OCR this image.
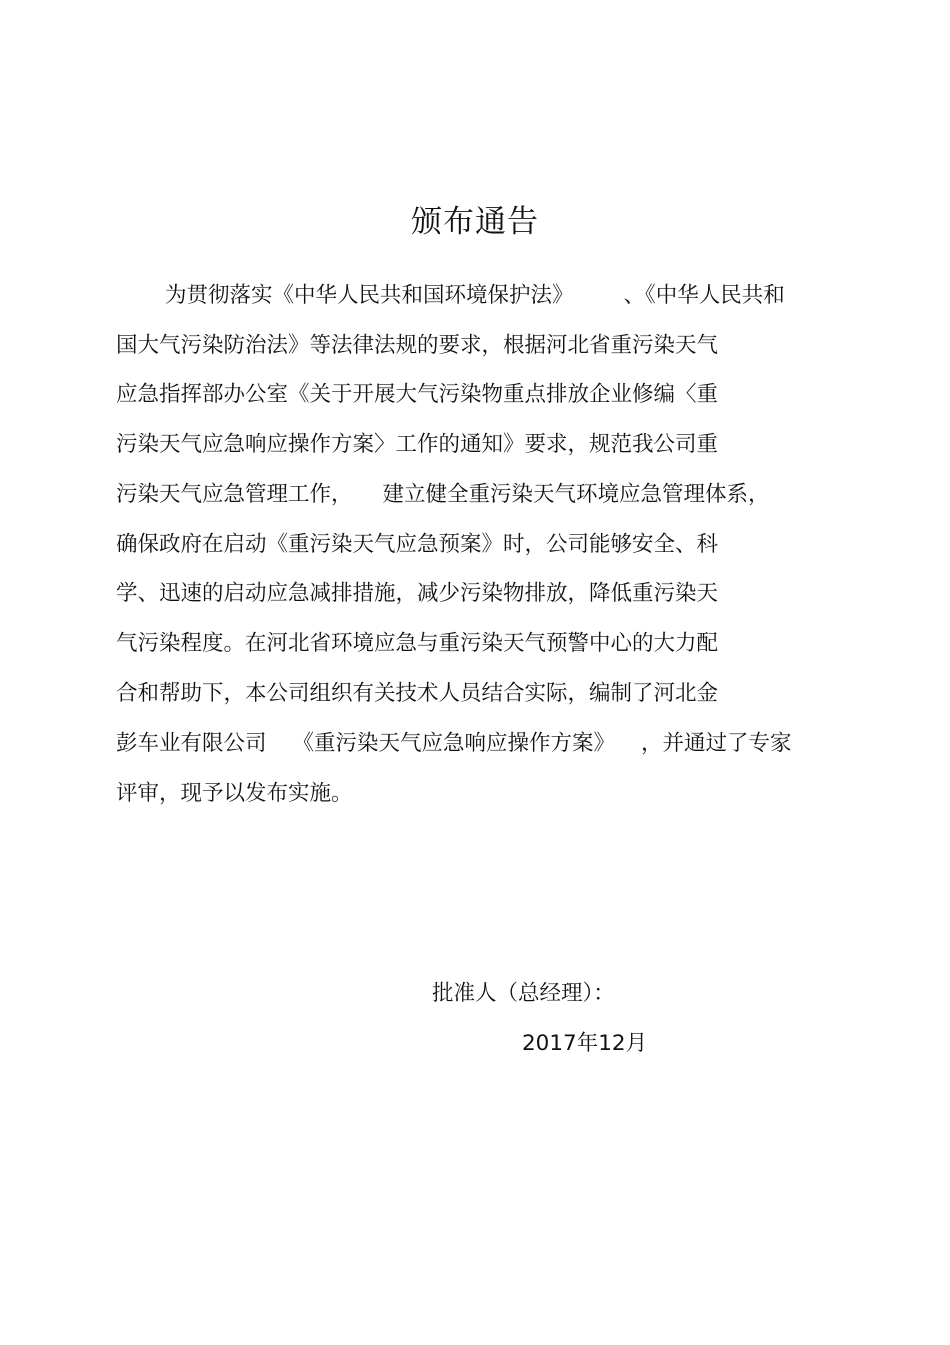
颁布通告
为贯彻落实《中华人民共和国环境保护法》 、《中华人民共和
国大气污染防治法》等法律法规的要求，根据河北省重污染天气
应急指挥部办公室《关于开展大气污染物重点排放企业修编〈重
污染天气应急响应操作方案〉工作的通知》要求，规范我公司重
污染天气应急管理工作， 建立健全重污染天气环境应急管理体系，
确保政府在启动《重污染天气应急预案》时，公司能够安全、科
学、迅速的启动应急减排措施，减少污染物排放，降低重污染天
气污染程度。在河北省环境应急与重污染天气预警中心的大力配
合和帮助下，本公司组织有关技术人员结合实际，编制了河北金
彭车业有限公司 《重污染天气应急响应操作方案》 ，并通过了专家
评审，现予以发布实施。
批准人（总经理）：
2017年12月
